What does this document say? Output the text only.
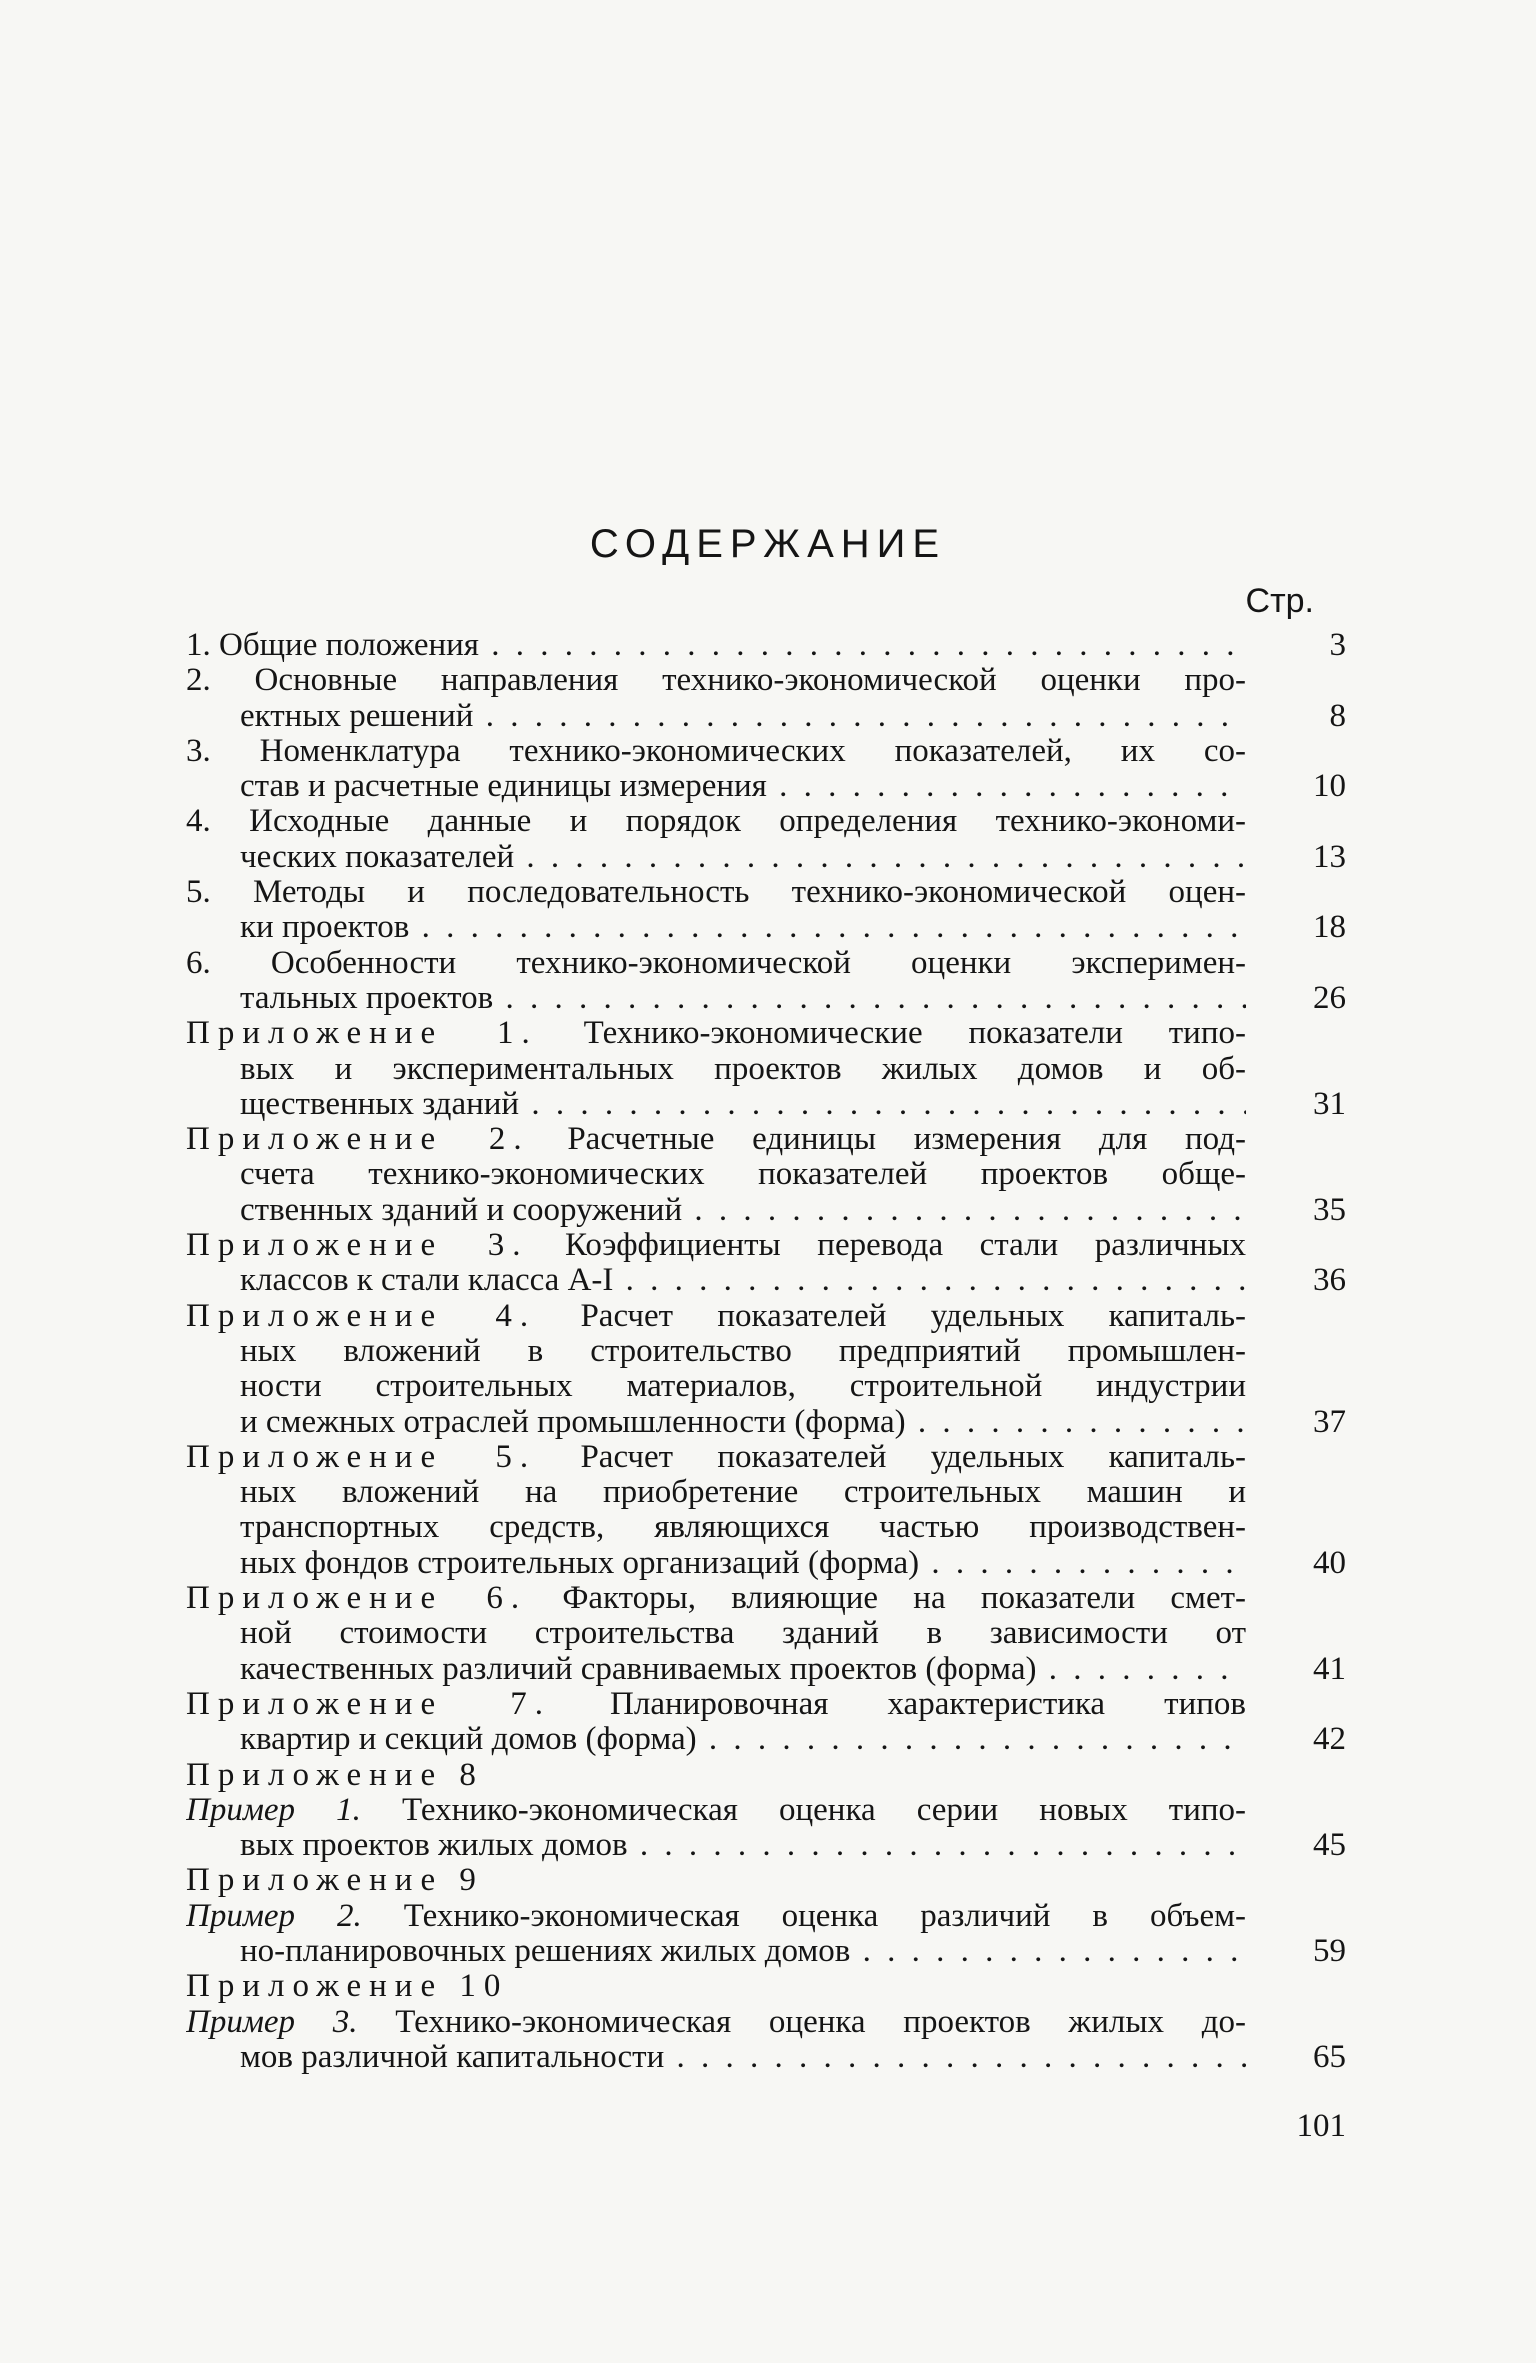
СОДЕРЖАНИЕ
Стр.
1. Общие положения . . .	3
2. Основные направления технико-экономической оценки про-
ектных решений . . .	8
3. Номенклатура технико-экономических показателей, их со-
став и расчетные единицы измерения . . .	10
4. Исходные данные и порядок определения технико-экономи-
ческих показателей . . .	13
5. Методы и последовательность технико-экономической оцен-
ки проектов . . .	18
6. Особенности технико-экономической оценки эксперимен-
тальных проектов . . .	26
Приложение 1. Технико-экономические показатели типо-
вых и экспериментальных проектов жилых домов и об-
щественных зданий . . .	31
Приложение 2. Расчетные единицы измерения для под-
счета технико-экономических показателей проектов обще-
ственных зданий и сооружений . . .	35
Приложение 3. Коэффициенты перевода стали различных
классов к стали класса А-I . . .	36
Приложение 4. Расчет показателей удельных капиталь-
ных вложений в строительство предприятий промышлен-
ности строительных материалов, строительной индустрии
и смежных отраслей промышленности (форма) . . .	37
Приложение 5. Расчет показателей удельных капиталь-
ных вложений на приобретение строительных машин и
транспортных средств, являющихся частью производствен-
ных фондов строительных организаций (форма) . . .	40
Приложение 6. Факторы, влияющие на показатели смет-
ной стоимости строительства зданий в зависимости от
качественных различий сравниваемых проектов (форма) . . .	41
Приложение 7. Планировочная характеристика типов
квартир и секций домов (форма) . . .	42
Приложение 8
Пример 1. Технико-экономическая оценка серии новых типо-
вых проектов жилых домов . . .	45
Приложение 9
Пример 2. Технико-экономическая оценка различий в объем-
но-планировочных решениях жилых домов . . .	59
Приложение 10
Пример 3. Технико-экономическая оценка проектов жилых до-
мов различной капитальности . . .	65
101
